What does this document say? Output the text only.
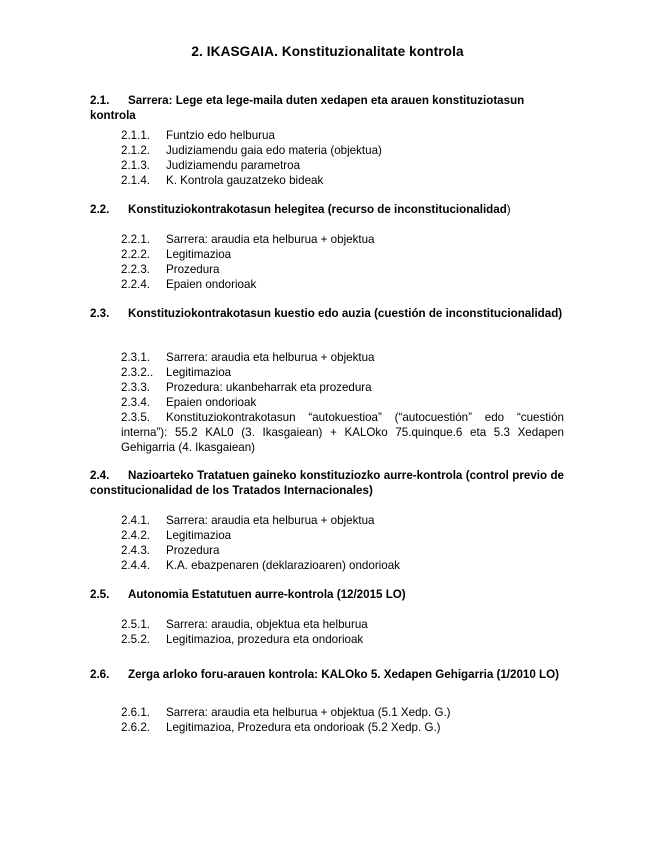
2. IKASGAIA. Konstituzionalitate kontrola
2.1. Sarrera: Lege eta lege-maila duten xedapen eta arauen konstituziotasun kontrola
2.1.1.	Funtzio edo helburua
2.1.2.	Judiziamendu gaia edo materia (objektua)
2.1.3.	Judiziamendu parametroa
2.1.4.	K. Kontrola gauzatzeko bideak
2.2. Konstituziokontrakotasun helegitea (recurso de inconstitucionalidad)
2.2.1.	Sarrera: araudia eta helburua + objektua
2.2.2.	Legitimazioa
2.2.3.	Prozedura
2.2.4.	Epaien ondorioak
2.3. Konstituziokontrakotasun kuestio edo auzia (cuestión de inconstitucionalidad)
2.3.1.	Sarrera: araudia eta helburua + objektua
2.3.2..	Legitimazioa
2.3.3.	Prozedura: ukanbeharrak eta prozedura
2.3.4.	Epaien ondorioak
2.3.5. Konstituziokontrakotasun “autokuestioa” (“autocuestión” edo “cuestión interna”): 55.2 KAL0 (3. Ikasgaiean) + KALOko 75.quinque.6 eta 5.3 Xedapen Gehigarria (4. Ikasgaiean)
2.4. Nazioarteko Tratatuen gaineko konstituziozko aurre-kontrola (control previo de constitucionalidad de los Tratados Internacionales)
2.4.1.	Sarrera: araudia eta helburua + objektua
2.4.2.	Legitimazioa
2.4.3.	Prozedura
2.4.4.	K.A. ebazpenaren (deklarazioaren) ondorioak
2.5. Autonomia Estatutuen aurre-kontrola (12/2015 LO)
2.5.1.	Sarrera: araudia, objektua eta helburua
2.5.2.	Legitimazioa, prozedura eta ondorioak
2.6. Zerga arloko foru-arauen kontrola: KALOko 5. Xedapen Gehigarria (1/2010 LO)
2.6.1.	Sarrera: araudia eta helburua + objektua (5.1 Xedp. G.)
2.6.2.	Legitimazioa, Prozedura eta ondorioak (5.2 Xedp. G.)
